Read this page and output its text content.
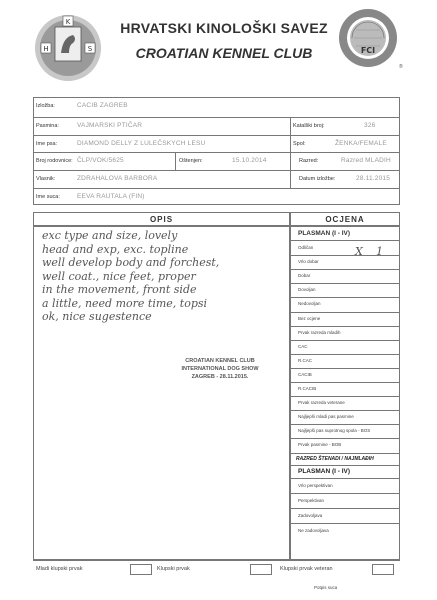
K
H	S
HRVATSKI KINOLOŠKI SAVEZ
CROATIAN KENNEL CLUB	FCI
®
Izložba:	CACIB ZAGREB
Pasmina:	VAJMARSKI PTIČAR	Katalški broj:	326
Ime psa:	DIAMOND DELLY Z LULEČSKYCH LESU	Spol:	ŽENKA/FEMALE
Broj rodovnice: ČLP/VOK/5625	Oštenjen:	15.10.2014	Razred:	Razred MLADIH
Vlasnik:	ZDRAHALOVA BARBORA	Datum izložbe:	28.11.2015
Ime suca:	EEVA RAUTALA (FIN)
OPIS	OCJENA
exc type and size, lovely
head and exp, exc. topline
well develop body and forchest,
well coat., nice feet, proper
in the movement, front side
a little, need more time, topsi
ok, nice sugestence
CROATIAN KENNEL CLUB
INTERNATIONAL DOG SHOW
ZAGREB - 28.11.2015.
PLASMAN (I - IV)
Odličan
Vrlo dobar
Dobar
Dovoljan
Nedovoljan
Bez ocjene
Prvak razreda mladih
CAC
R.CAC
CACIB
R.CACIB
Prvak razreda veterane
Najljepši mladi pas pasmine
Najljepši pas suprotnog spola - BOS
Prvak pasmine - BOB
RAZRED ŠTENADI / NAJMLAĐIH
PLASMAN (I - IV)
Vrlo perspektivan
Perspektivan
Zadovoljava
Ne zadovoljava
X 1
Mladi klupski prvak	Klupski prvak	Klupski prvak veteran
Potpis suca
